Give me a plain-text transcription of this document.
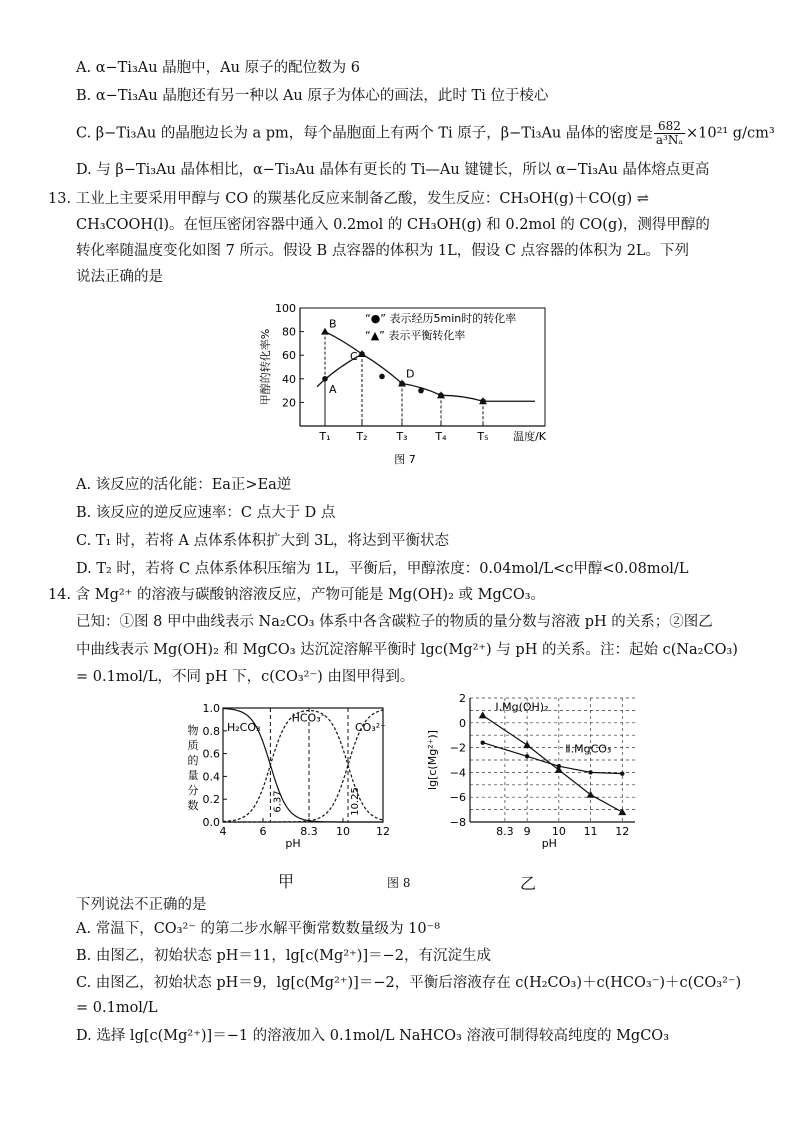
A. α−Ti₃Au 晶胞中，Au 原子的配位数为 6
B. α−Ti₃Au 晶胞还有另一种以 Au 原子为体心的画法，此时 Ti 位于棱心
C. β−Ti₃Au 的晶胞边长为 a pm，每个晶胞面上有两个 Ti 原子，β−Ti₃Au 晶体的密度是 $\frac{682}{\text{a³Nₐ}} \times 10^{21}$ g/cm³
D. 与 β−Ti₃Au 晶体相比，α−Ti₃Au 晶体有更长的 Ti—Au 键键长，所以 α−Ti₃Au 晶体熔点更高
13. 工业上主要采用甲醇与 CO 的羰基化反应来制备乙酸，发生反应：CH₃OH(g)＋CO(g) ⇌
CH₃COOH(l)。在恒压密闭容器中通入 0.2mol 的 CH₃OH(g) 和 0.2mol 的 CO(g)，测得甲醇的
转化率随温度变化如图 7 所示。假设 B 点容器的体积为 1L，假设 C 点容器的体积为 2L。下列
说法正确的是
20
40
60
80
100
T₁ T₂	T₃	T₄	T₅ 温度/K
甲醇的转化率%	A
B
C
D
“●” 表示经历5min时的转化率
“▲” 表示平衡转化率
图 7
A. 该反应的活化能：Ea正>Ea逆
B. 该反应的逆反应速率：C 点大于 D 点
C. T₁ 时，若将 A 点体系体积扩大到 3L，将达到平衡状态
D. T₂ 时，若将 C 点体系体积压缩为 1L，平衡后，甲醇浓度：0.04mol/L<c甲醇<0.08mol/L
14. 含 Mg²⁺ 的溶液与碳酸钠溶液反应，产物可能是 Mg(OH)₂ 或 MgCO₃。
已知：①图 8 甲中曲线表示 Na₂CO₃ 体系中各含碳粒子的物质的量分数与溶液 pH 的关系；②图乙
中曲线表示 Mg(OH)₂ 和 MgCO₃ 达沉淀溶解平衡时 lgc(Mg²⁺) 与 pH 的关系。注：起始 c(Na₂CO₃)
= 0.1mol/L，不同 pH 下，c(CO₃²⁻) 由图甲得到。
0.0
0.2
0.4
0.6
0.8
1.0
4	6	8.3 10 12
pH
物
质
的
量
分
数
H₂CO₃
HCO₃⁻
CO₃²⁻
6.37	10.25
2
0
−2
−4
−6
−8
8.3 9 10 11 12
pH
lg[c(Mg²⁺)]
Ⅰ.Mg(OH)₂
Ⅱ.MgCO₃
甲	乙
图 8
下列说法不正确的是
A. 常温下，CO₃²⁻ 的第二步水解平衡常数数量级为 10⁻⁸
B. 由图乙，初始状态 pH＝11，lg[c(Mg²⁺)]＝−2，有沉淀生成
C. 由图乙，初始状态 pH＝9，lg[c(Mg²⁺)]＝−2，平衡后溶液存在 c(H₂CO₃)＋c(HCO₃⁻)＋c(CO₃²⁻)
= 0.1mol/L
D. 选择 lg[c(Mg²⁺)]＝−1 的溶液加入 0.1mol/L NaHCO₃ 溶液可制得较高纯度的 MgCO₃
